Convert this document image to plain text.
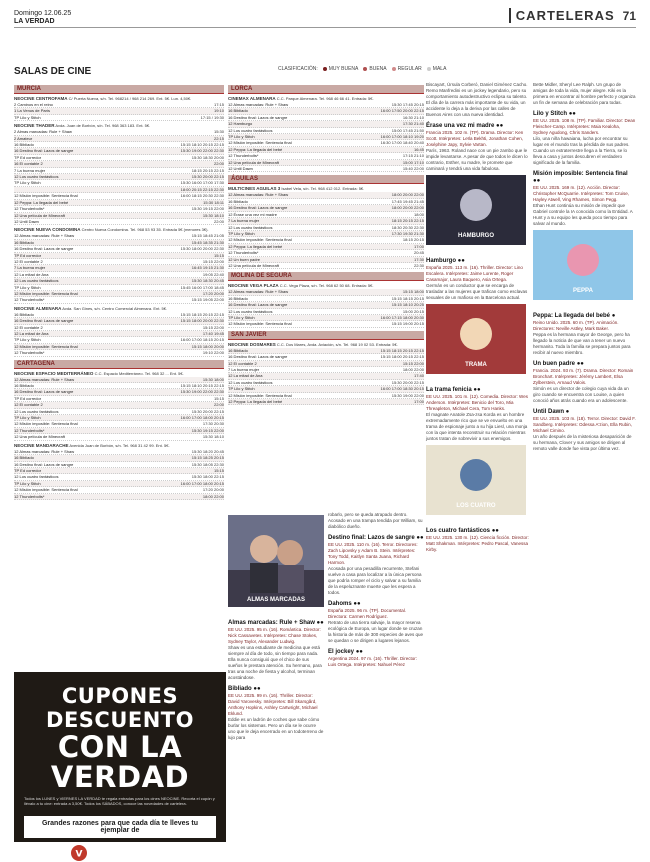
Domingo 12.06.25
LA VERDAD	CARTELERAS 71
SALAS DE CINE	CLASIFICACIÓN:	MUY BUENA	BUENA	REGULAR	MALA
MURCIA
NEOCINE CENTROFAMA C/ Puerta Nueva, s/n. Tel. 968214 / 968 214 269. Ent. 5€. Lun. 4,50€.
2 Caminos en el reino	17:15
1 La Venus de París	19:10
TP Lilo y Stitch	17:15 / 19:30
NEOCINE THADER Avda. Juan de Borbón, s/n. Tel. 968 363 183. Ent. 5€.
2 Almas marcadas: Rule + Shaw	15:30
2 Amateur	22:15
16 Bibliado	15:15 18:10 20:15 22:15
16 Destino final: Lazos de sangre	15:30 19:00 22:00 22:30
TP Ed corredor	15:30 18:30 20:00
16 El contable 2	22:00
7 La buena mujer	18:15 20:15 22:15
12 Los cuatro fantásticos	15:30 20:00 22:15
TP Lilo y Stitch	15:30 16:00 17:00 17:30
18:00 20:15 22:15 22:30
12 Misión imposible: Sentencia final	16:00 18:15 20:30 22:30
12 Peppa: La llegada del bebé	15:30 18:11
12 Thunderbolts*	15:30 19:15 22:00
12 Una película de Minecraft	15:30 18:10
12 Until Dawn	22:00
NEOCINE NUEVA CONDOMINA Centro Nueva Condomina. Tel. 968 53 93 35. Entrada 5€ (menores 3€).
12 Almas marcadas: Rule + Shaw	15:15 18:45 21:05
16 Bibliado	15:45 18:35 21:30
16 Destino final: Lazos de sangre	15:30 18:00 20:00 22:30
TP Ed corredor	15:15
12 El contable 2	15:15 22:00
7 La buena mujer	16:45 19:15 21:30
12 La mitad de Ana	19:05 22:40
12 Los cuatro fantásticos	15:30 18:30 20:45
TP Lilo y Stitch	15:45 16:00 17:00 18:45
12 Misión imposible: Sentencia final	17:20 20:00
12 Thunderbolts*	15:15 19:05 22:00
NEOCINE ALMENARA Avda. San Gines, s/n. Centro Comercial Almenara. Ent. 5€.
16 Bibliado	15:15 18:15 20:15 22:15
16 Destino final: Lazos de sangre	15:15 18:00 20:00 22:30
12 El contable 2	15:15 22:00
12 La mitad de Ana	17:40 19:45
TP Lilo y Stitch	16:00 17:00 18:15 20:15
12 Misión imposible: Sentencia final	15:15 18:00 20:00
12 Thunderbolts*	19:10 22:00
CARTAGENA
NEOCINE ESPACIO MEDITERRÁNEO C.C. Espacio Mediterráneo. Tel. 968 32 ... Ent. 5€.
12 Almas marcadas: Rule + Shaw	15:30 18:00
16 Bibliado	15:15 18:10 20:15 22:15
16 Destino final: Lazos de sangre	15:30 19:00 22:00 22:30
TP Ed corredor	15:15
12 El contable 2	22:00
12 Los cuatro fantásticos	15:30 20:00 22:15
TP Lilo y Stitch	16:00 17:00 18:00 20:15
12 Misión imposible: Sentencia final	17:30 20:30
12 Thunderbolts*	15:30 19:15 22:00
12 Una película de Minecraft	15:30 18:10
NEOCINE MANDARACHE Avenida Juan de Borbón, s/n. Tel. 968 31 42 99. Ent. 5€.
12 Almas marcadas: Rule + Shaw	15:30 18:20 20:45
16 Bibliado	15:15 18:25 20:15
16 Destino final: Lazos de sangre	15:30 18:05 22:30
TP Ed corredor	15:15
12 Los cuatro fantásticos	15:30 18:00 22:15
TP Lilo y Stitch	16:00 17:00 18:00 20:15
12 Misión imposible: Sentencia final	17:20 20:00
12 Thunderbolts*	18:00 22:00
CUPONES DESCUENTO
CON LA VERDAD
Todos los LUNES y VIERNES LA VERDAD te regala entradas para los cines NEOCINE. Recorta el cupón y llévalo a tu cine: entrada a 3,50€. Todos los SÁBADOS, conoce las novedades de cartelera.
Grandes razones para que cada día te lleves tu ejemplar de
V LA VERDAD
LORCA
CINEMAX ALMENARA C.C. Parque Almenara. Tel. 968 46 66 41. Entrada: 5€.
12 Almas marcadas: Rule + Shaw	15:30 17:45 20:15
16 Bibliado	16:00 17:50 20:00 22:15
16 Destino final: Lazos de sangre	16:30 21:10
12 Hamburgo	17:30 21:40
12 Los cuatro fantásticos	15:00 17:45 21:50
TP Lilo y Stitch	16:00 17:00 18:10 19:20
12 Misión imposible: Sentencia final	16:30 17:00 18:40 20:40
12 Peppa: La llegada del bebé	16:45
12 Thunderbolts*	17:15 21:10
12 Una película de Minecraft	15:00 17:10
12 Until Dawn	15:40 22:00
ÁGUILAS
MULTICINES AGUILAS 3 Isabel Vela, s/n. Tel. 968 412 012. Entrada: 5€.
12 Almas marcadas: Rule + Shaw	18:00 20:00 22:00
16 Bibliado	17:45 19:45 21:45
16 Destino final: Lazos de sangre	18:00 20:00 22:00
12 Érase una vez mi madre	18:00
7 La buena mujer	18:15 20:15 22:15
12 Los cuatro fantásticos	18:30 20:30 22:30
TP Lilo y Stitch	17:30 19:30 21:30
12 Misión imposible: Sentencia final	18:15 20:15
12 Peppa: La llegada del bebé	17:00
12 Thunderbolts*	20:45
12 Un buen padre	17:30
12 Una película de Minecraft	22:30
MOLINA DE SEGURA
NEOCINE VEGA PLAZA C.C. Vega Plaza, s/n. Tel. 968 62 50 68. Entrada: 5€.
12 Almas marcadas: Rule + Shaw	15:15 18:00
16 Bibliado	15:15 18:15 20:15
16 Destino final: Lazos de sangre	15:15 18:10 20:25
12 Los cuatro fantásticos	15:00 20:15
TP Lilo y Stitch	16:00 17:15 18:00 20:30
12 Misión imposible: Sentencia final	15:15 19:00 20:15
SAN JAVIER
NEOCINE DOSMARES C.C. Dos Mares, Avda. Aviación, s/n. Tel. 968 19 02 53. Entrada: 5€.
16 Bibliado	15:15 18:15 20:15 22:15
16 Destino final: Lazos de sangre	15:15 18:00 20:15 22:15
12 El contable 2	15:15 22:00
7 La buena mujer	18:00 22:00
12 La mitad de Ana	17:40
12 Los cuatro fantásticos	15:30 20:00 22:15
TP Lilo y Stitch	16:00 17:00 18:30 20:15
12 Misión imposible: Sentencia final	15:30 19:00 22:00
12 Peppa: La llegada del bebé	17:00
ALMAS MARCADAS
Almas marcadas: Rule + Shaw ●●
EE UU. 2025. 95 m. (16). Romántica. Director: Nick Cassavetes. Intérpretes: Chase Stokes, Sydney Taylor, Alexander Ludwig.
Shaw es una estudiante de medicina que está siempre al día de todo, sin tiempo para nada. Ella nunca consiguió que el chico de sus sueños le prestara atención. Su hermano, para tras una noche de fiesta y alcohol, terminan acostándose.
Bibliado ●●
EE UU. 2025. 99 m. (16). Thriller. Director: David Yarovesky. Intérpretes: Bill Skarsgård, Anthony Hopkins, Ashley Cartwright, Michael Eklund.
Eddie es un ladrón de coches que sabe cómo burlar los sistemas. Pero un día se le ocurre uno que le deja encerrado en un todoterreno de lujo para
robarlo, pero se queda atrapado dentro. Acosado en una trampa tendida por William, su diabólico dueño.
Destino final: Lazos de sangre ●●
EE UU. 2025. 110 m. (16). Terror. Directores: Zach Lipovsky y Adam B. Stein. Intérpretes: Tony Todd, Kaitlyn Santa Juana, Richard Harmon.
Acosada por una pesadilla recurrente, Stefani vuelve a casa para localizar a la única persona que podría romper el ciclo y salvar a su familia de la espeluznante muerte que les espera a todos.
Dahoms ●●
España 2025. 96 m. (TP). Documental. Directora: Carmen Rodríguez.
Retrato de una tierra salvaje, la mayor reserva ecológica de Europa, un lugar donde se cruzan la historia de más de 300 especies de aves que se quedan o se dirigen a lugares lejanos.
El jockey ●●
Argentina 2024. 97 m. (16). Thriller. Director: Luis Ortega. Intérpretes: Nahuel Pérez
Biscayart, Úrsula Corberó, Daniel Giménez Cacho. Remo Manfredini es un jockey legendario, pero su comportamiento autodestructivo eclipsa su talento. El día de la carrera más importante de su vida, un accidente lo deja a la deriva por las calles de Buenos Aires con una nueva identidad.
Érase una vez mi madre ●●
Francia 2025. 102 m. (TP). Drama. Director: Ken Scott. Intérpretes: Leïla Bekhti, Jonathan Cohen, Joséphine Japy, Sylvie Vartan.
París, 1963. Roland nace con un pie zambo que le impide levantarse. A pesar de que todos le dicen lo contrario, Esther, su madre, le promete que caminará y tendrá una vida fabulosa.
HAMBURGO
Hamburgo ●●
España 2025. 113 m. (16). Thriller. Director: Lino Escalera. Intérpretes: Jaime Lorente, Roger Casamajor, Laura Baquero, Asia Ortega.
Germán es un conductor que se encarga de trasladar a las mujeres que trafican como esclavas sexuales de un mafioso en la Barcelona actual.
TRAMA
La trama fenicia ●●
EE UU. 2025. 101 m. (12). Comedia. Director: Wes Anderson. Intérpretes: Benicio del Toro, Mia Threapleton, Michael Cera, Tom Hanks.
El magnate Anatole Zsa-zsa Korda es un hombre extremadamente rico que se ve envuelto en una trama de espionaje junto a su hija Liesl, una monja con la que intenta reconstruir su relación mientras juntos tratan de sobrevivir a sus enemigos.
LOS CUATRO
Los cuatro fantásticos ●●
EE UU. 2025. 130 m. (12). Ciencia ficción. Director: Matt Shakman. Intérpretes: Pedro Pascal, Vanessa Kirby.
Bette Midler, Sheryl Lee Ralph. Un grupo de amigas de toda la vida, mujer alegre. Kiki es la primera en encontrar al hombre perfecto y organiza un fin de semana de celebración para todas.
Lilo y Stitch ●●
EE UU. 2025. 108 m. (TP). Familiar. Director: Dean Fleischer-Camp. Intérpretes: Maia Kealoha, Sydney Agudong, Chris Sanders.
Lilo, una niña hawaiana, lucha por encontrar su lugar en el mundo tras la pérdida de sus padres. Cuando un extraterrestre llega a la Tierra, se lo lleva a casa y juntos descubren el verdadero significado de la familia.
Misión imposible: Sentencia final ●●
EE UU. 2025. 169 m. (12). Acción. Director: Christopher McQuarrie. Intérpretes: Tom Cruise, Hayley Atwell, Ving Rhames, Simon Pegg.
Ethan Hunt continúa su misión de impedir que Gabriel controle la IA conocida como la Entidad. A Hunt y a su equipo les queda poco tiempo para salvar al mundo.
PEPPA
Peppa: La llegada del bebé ●
Reino Unido. 2025. 60 m. (TP). Animación. Directores: Neville Astley, Mark Baker.
Peppa es la hermana mayor de George, pero ha llegado la noticia de que van a tener un nuevo hermanito. Toda la familia se prepara juntos para recibir al nuevo miembro.
Un buen padre ●●
Francia. 2024. 93 m. (7). Drama. Director: Romain Bronchart. Intérpretes: Jérémy Lambert, Elsa Zylberstein, Arnaud Valois.
Simón es un director de colegio cuya vida da un giro cuando se encuentra con Louise, a quien conoció años atrás cuando era un adolescente.
Until Dawn ●
EE UU. 2025. 103 m. (18). Terror. Director: David F. Sandberg. Intérpretes: Odessa A'zion, Ella Rubin, Michael Cimino.
Un año después de la misteriosa desaparición de su hermana, Clover y sus amigos se dirigen al remoto valle donde fue vista por última vez.
